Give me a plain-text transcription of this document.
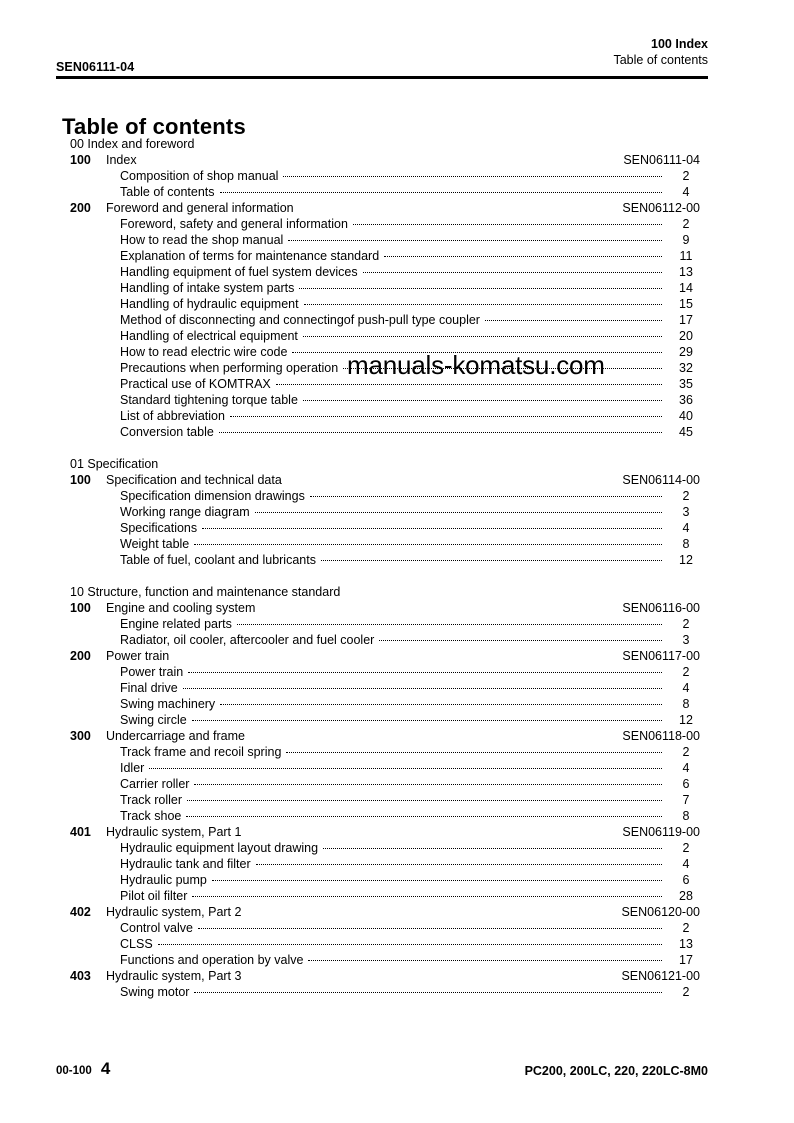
SEN06111-04
100 Index
Table of contents
Table of contents
00 Index and foreword
100	Index	SEN06111-04
Composition of shop manual	2
Table of contents	4
200	Foreword and general information	SEN06112-00
Foreword, safety and general information	2
How to read the shop manual	9
Explanation of terms for maintenance standard	11
Handling equipment of fuel system devices	13
Handling of intake system parts	14
Handling of hydraulic equipment	15
Method of disconnecting and connectingof push-pull type coupler	17
Handling of electrical equipment	20
How to read electric wire code	29
Precautions when performing operation	32
Practical use of KOMTRAX	35
Standard tightening torque table	36
List of abbreviation	40
Conversion table	45
01 Specification
100	Specification and technical data	SEN06114-00
Specification dimension drawings	2
Working range diagram	3
Specifications	4
Weight table	8
Table of fuel, coolant and lubricants	12
10 Structure, function and maintenance standard
100	Engine and cooling system	SEN06116-00
Engine related parts	2
Radiator, oil cooler, aftercooler and fuel cooler	3
200	Power train	SEN06117-00
Power train	2
Final drive	4
Swing machinery	8
Swing circle	12
300	Undercarriage and frame	SEN06118-00
Track frame and recoil spring	2
Idler	4
Carrier roller	6
Track roller	7
Track shoe	8
401	Hydraulic system, Part 1	SEN06119-00
Hydraulic equipment layout drawing	2
Hydraulic tank and filter	4
Hydraulic pump	6
Pilot oil filter	28
402	Hydraulic system, Part 2	SEN06120-00
Control valve	2
CLSS	13
Functions and operation by valve	17
403	Hydraulic system, Part 3	SEN06121-00
Swing motor	2
manuals-komatsu.com
00-100 4	PC200, 200LC, 220, 220LC-8M0
